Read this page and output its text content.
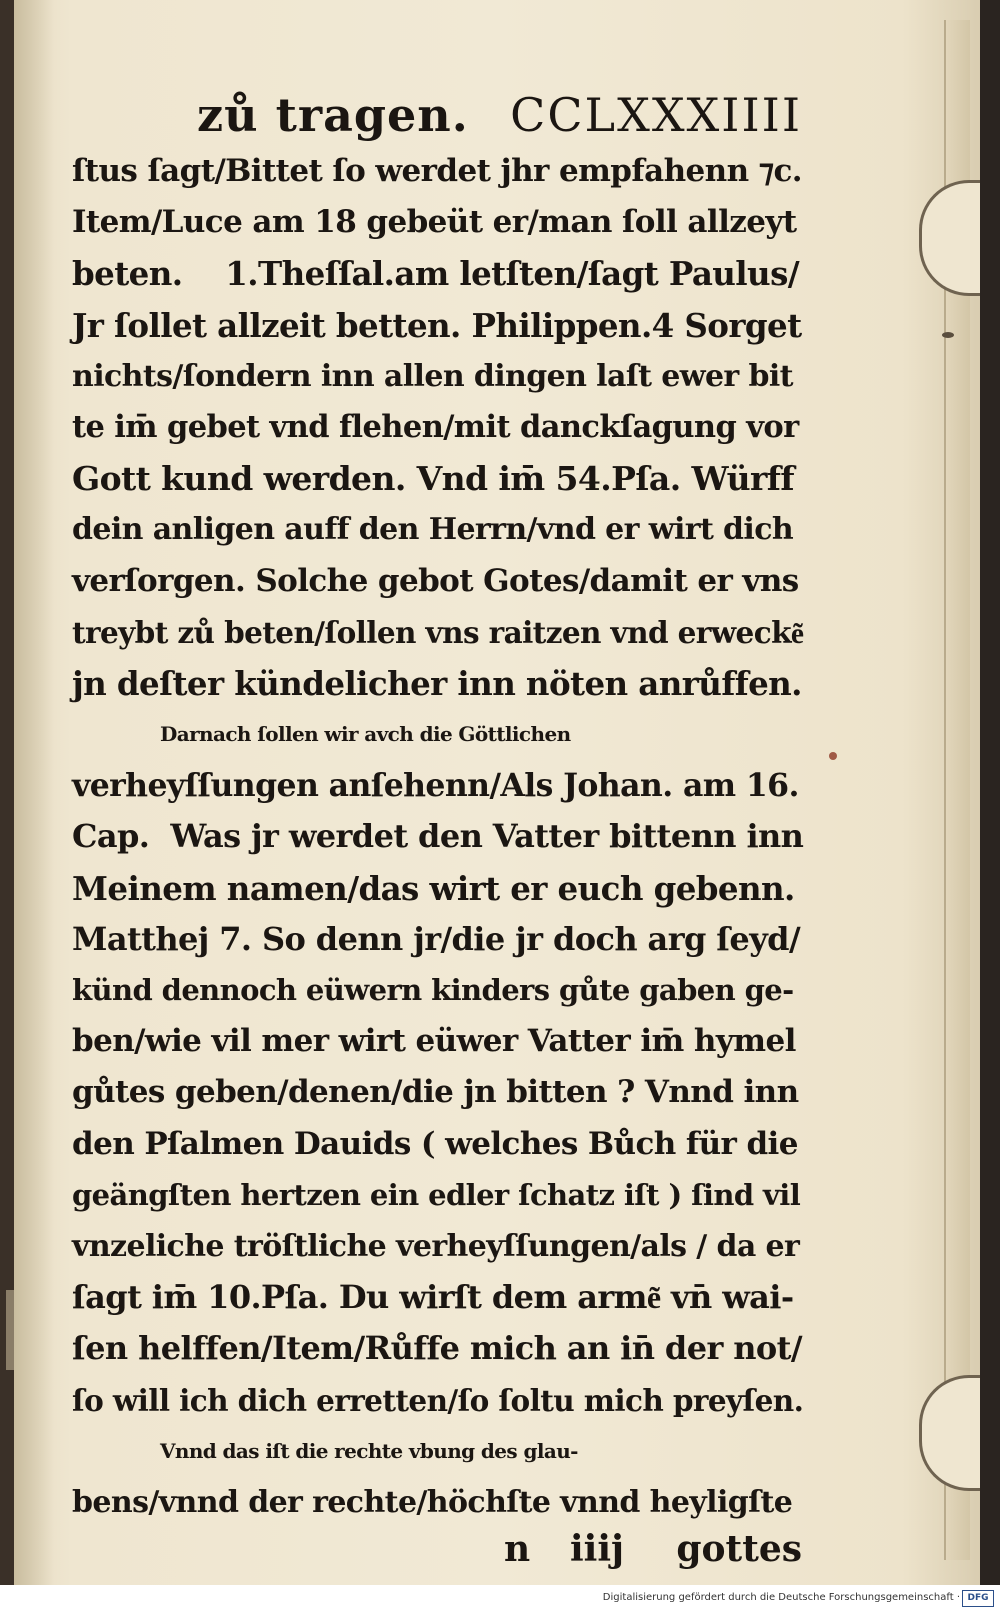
zů tragen. CCLXXXIIII
ſtus ſagt/Bittet ſo werdet jhr empfahenn ⁊c.
Item/Luce am 18 gebeüt er/man ſoll allzeyt
beten.    1.Theſſal.am letſten/ſagt Paulus/
Jr ſollet allzeit betten. Philippen.4 Sorget
nichts/ſondern inn allen dingen laſt ewer bit
te im̄ gebet vnd flehen/mit danckſagung vor
Gott kund werden. Vnd im̄ 54.Pſa. Würff
dein anligen auff den Herrn/vnd er wirt dich
verſorgen. Solche gebot Gotes/damit er vns
treybt zů beten/ſollen vns raitzen vnd erwecke͂
jn deſter kündelicher inn nöten anrůffen.
Darnach ſollen wir avch die Göttlichen
verheyſſungen anſehenn/Als Johan. am 16.
Cap.  Was jr werdet den Vatter bittenn inn
Meinem namen/das wirt er euch gebenn.
Matthej 7. So denn jr/die jr doch arg ſeyd/
künd dennoch eüwern kinders gůte gaben ge-
ben/wie vil mer wirt eüwer Vatter im̄ hymel
gůtes geben/denen/die jn bitten ? Vnnd inn
den Pſalmen Dauids ( welches Bůch für die
geängſten hertzen ein edler ſchatz iſt ) ſind vil
vnzeliche tröſtliche verheyſſungen/als / da er
ſagt im̄ 10.Pſa. Du wirſt dem arme͂ vn̄ wai-
ſen helffen/Item/Růffe mich an in̄ der not/
ſo will ich dich erretten/ſo ſoltu mich preyſen.
Vnnd das iſt die rechte vbung des glau-
bens/vnnd der rechte/höchſte vnnd heyligſte
n iiij gottes
Digitalisierung gefördert durch die Deutsche Forschungsgemeinschaft · DFG
